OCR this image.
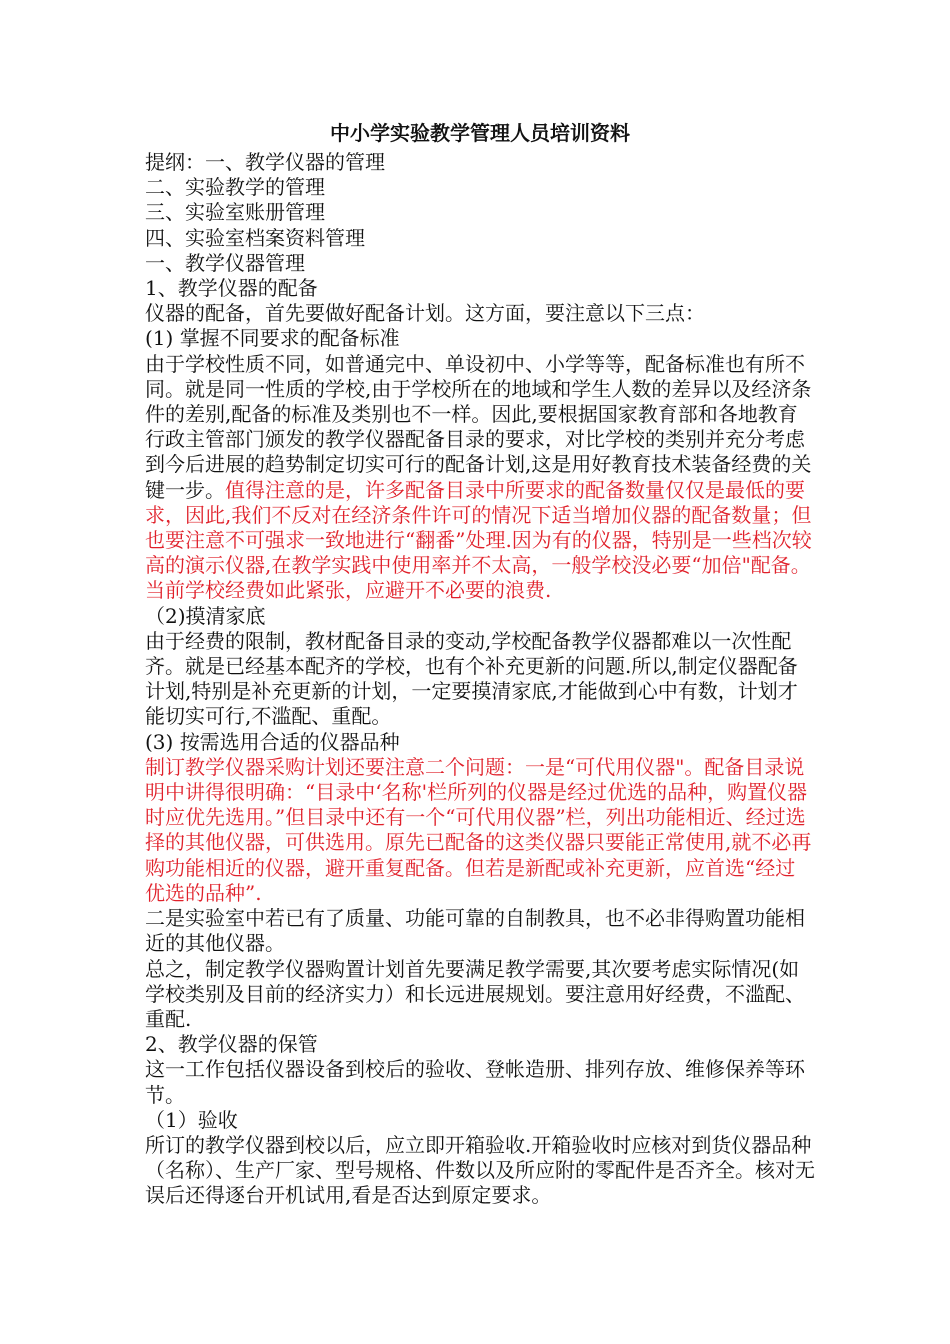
中小学实验教学管理人员培训资料

提纲：一、教学仪器的管理

二、实验教学的管理

三、实验室账册管理

四、实验室档案资料管理

一、教学仪器管理

1、教学仪器的配备

仪器的配备，首先要做好配备计划。这方面，要注意以下三点：

(1) 掌握不同要求的配备标准

由于学校性质不同，如普通完中、单设初中、小学等等，配备标准也有所不同。就是同一性质的学校,由于学校所在的地域和学生人数的差异以及经济条件的差别,配备的标准及类别也不一样。因此,要根据国家教育部和各地教育行政主管部门颁发的教学仪器配备目录的要求，对比学校的类别并充分考虑到今后进展的趋势制定切实可行的配备计划,这是用好教育技术装备经费的关键一步。值得注意的是，许多配备目录中所要求的配备数量仅仅是最低的要求，因此,我们不反对在经济条件许可的情况下适当增加仪器的配备数量；但也要注意不可强求一致地进行“翻番”处理.因为有的仪器，特别是一些档次较高的演示仪器,在教学实践中使用率并不太高，一般学校没必要“加倍"配备。当前学校经费如此紧张，应避开不必要的浪费.

（2)摸清家底

由于经费的限制，教材配备目录的变动,学校配备教学仪器都难以一次性配齐。就是已经基本配齐的学校，也有个补充更新的问题.所以,制定仪器配备计划,特别是补充更新的计划，一定要摸清家底,才能做到心中有数，计划才能切实可行,不滥配、重配。

(3) 按需选用合适的仪器品种

制订教学仪器采购计划还要注意二个问题：一是“可代用仪器"。配备目录说明中讲得很明确：“目录中‘名称'栏所列的仪器是经过优选的品种，购置仪器时应优先选用。”但目录中还有一个“可代用仪器”栏，列出功能相近、经过选择的其他仪器，可供选用。原先已配备的这类仪器只要能正常使用,就不必再购功能相近的仪器，避开重复配备。但若是新配或补充更新，应首选“经过优选的品种”.

二是实验室中若已有了质量、功能可靠的自制教具，也不必非得购置功能相近的其他仪器。

总之，制定教学仪器购置计划首先要满足教学需要,其次要考虑实际情况(如学校类别及目前的经济实力）和长远进展规划。要注意用好经费，不滥配、重配.

2、教学仪器的保管

这一工作包括仪器设备到校后的验收、登帐造册、排列存放、维修保养等环节。

（1）验收

所订的教学仪器到校以后，应立即开箱验收.开箱验收时应核对到货仪器品种（名称）、生产厂家、型号规格、件数以及所应附的零配件是否齐全。核对无误后还得逐台开机试用,看是否达到原定要求。
